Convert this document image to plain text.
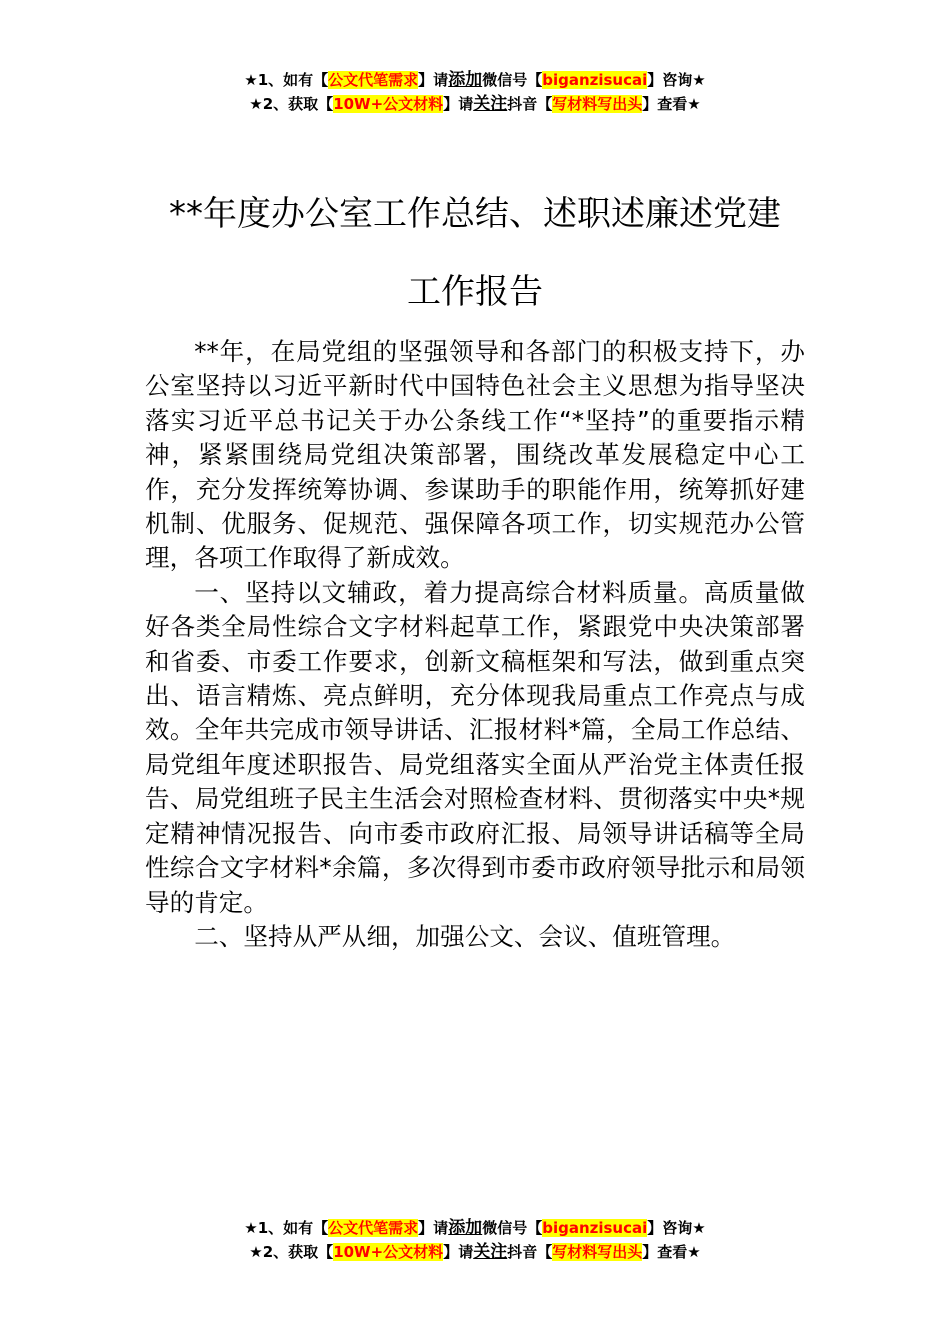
★1、如有【公文代笔需求】请添加微信号【biganzisucai】咨询★
★2、获取【10W+公文材料】请关注抖音【写材料写出头】查看★
**年度办公室工作总结、述职述廉述党建
工作报告

**年，在局党组的坚强领导和各部门的积极支持下，办公室坚持以习近平新时代中国特色社会主义思想为指导坚决落实习近平总书记关于办公条线工作“*坚持”的重要指示精神，紧紧围绕局党组决策部署，围绕改革发展稳定中心工作，充分发挥统筹协调、参谋助手的职能作用，统筹抓好建机制、优服务、促规范、强保障各项工作，切实规范办公管理，各项工作取得了新成效。

一、坚持以文辅政，着力提高综合材料质量。高质量做好各类全局性综合文字材料起草工作，紧跟党中央决策部署和省委、市委工作要求，创新文稿框架和写法，做到重点突出、语言精炼、亮点鲜明，充分体现我局重点工作亮点与成效。全年共完成市领导讲话、汇报材料*篇，全局工作总结、局党组年度述职报告、局党组落实全面从严治党主体责任报告、局党组班子民主生活会对照检查材料、贯彻落实中央*规定精神情况报告、向市委市政府汇报、局领导讲话稿等全局性综合文字材料*余篇，多次得到市委市政府领导批示和局领导的肯定。

二、坚持从严从细，加强公文、会议、值班管理。

★1、如有【公文代笔需求】请添加微信号【biganzisucai】咨询★
★2、获取【10W+公文材料】请关注抖音【写材料写出头】查看★
